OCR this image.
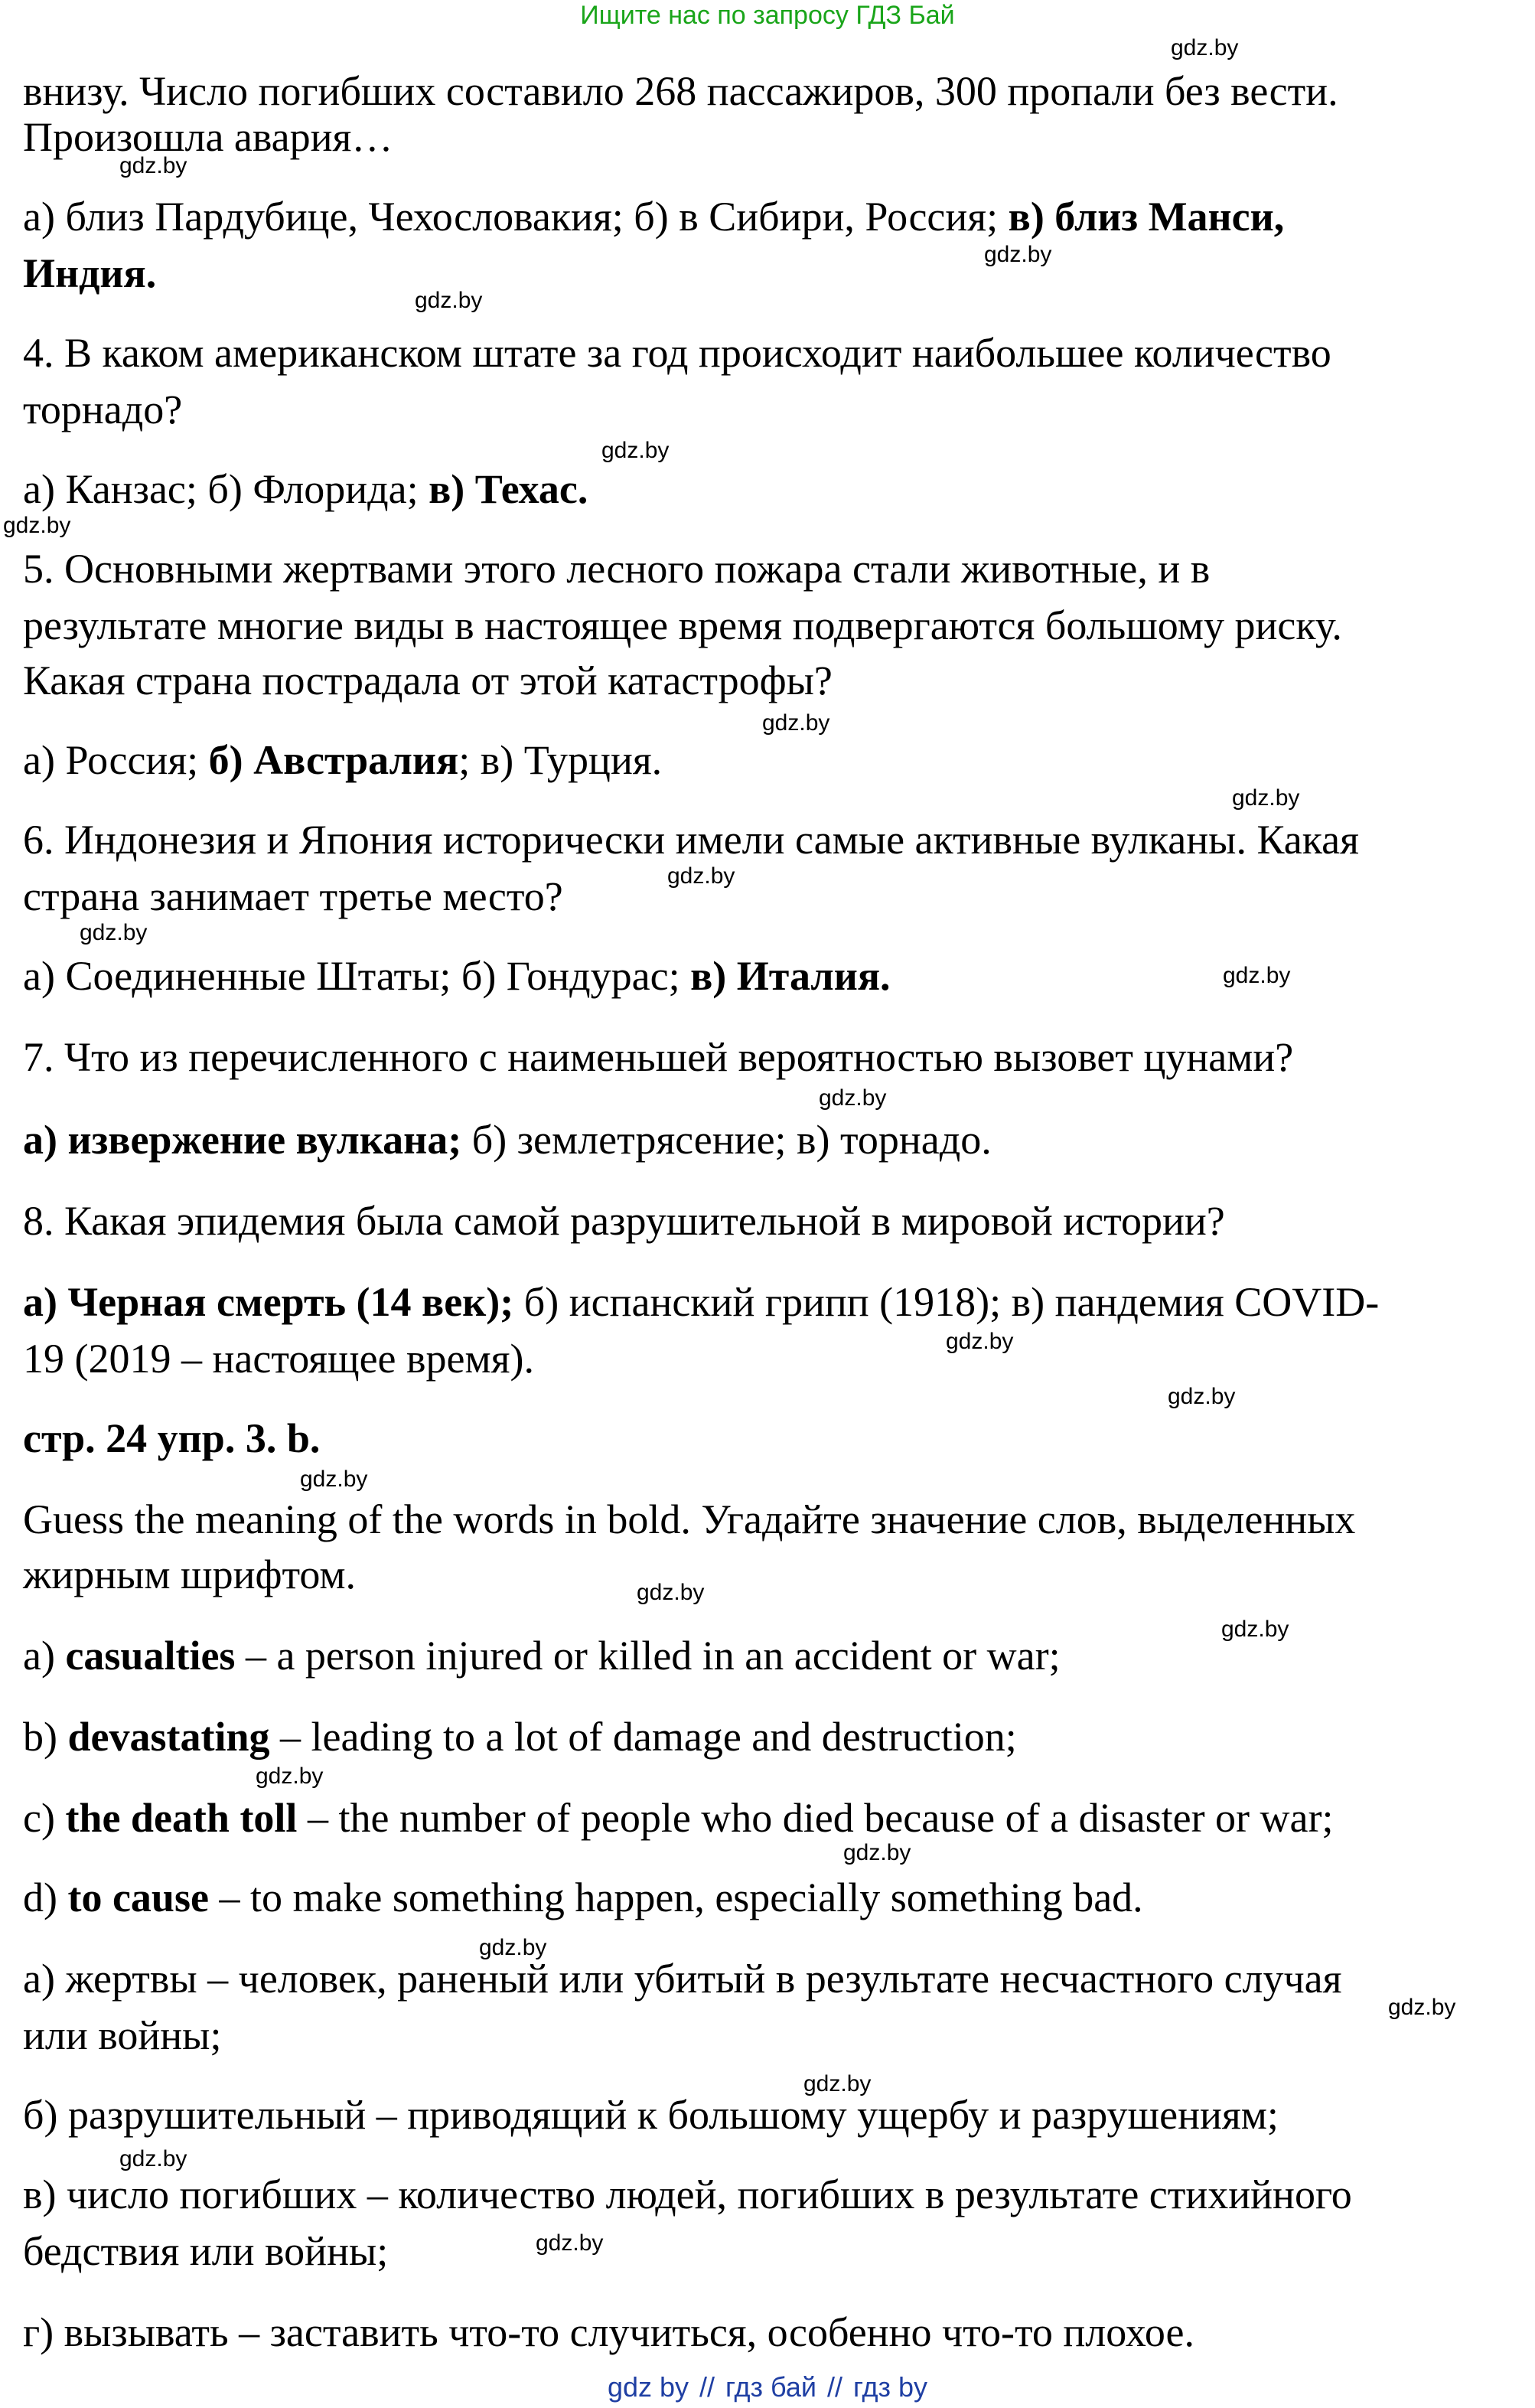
Ищите нас по запросу ГДЗ Бай
внизу. Число погибших составило 268 пассажиров, 300 пропали без вести.
Произошла авария…
а) близ Пардубице, Чехословакия; б) в Сибири, Россия; в) близ Манси,
Индия.
4. В каком американском штате за год происходит наибольшее количество
торнадо?
а) Канзас; б) Флорида; в) Техас.
5. Основными жертвами этого лесного пожара стали животные, и в
результате многие виды в настоящее время подвергаются большому риску.
Какая страна пострадала от этой катастрофы?
а) Россия; б) Австралия; в) Турция.
6. Индонезия и Япония исторически имели самые активные вулканы. Какая
страна занимает третье место?
а) Соединенные Штаты; б) Гондурас; в) Италия.
7. Что из перечисленного с наименьшей вероятностью вызовет цунами?
а) извержение вулкана; б) землетрясение; в) торнадо.
8. Какая эпидемия была самой разрушительной в мировой истории?
а) Черная смерть (14 век); б) испанский грипп (1918); в) пандемия COVID-
19 (2019 – настоящее время).
стр. 24 упр. 3. b.
Guess the meaning of the words in bold. Угадайте значение слов, выделенных
жирным шрифтом.
a) casualties – a person injured or killed in an accident or war;
b) devastating – leading to a lot of damage and destruction;
c) the death toll – the number of people who died because of a disaster or war;
d) to cause – to make something happen, especially something bad.
а) жертвы – человек, раненый или убитый в результате несчастного случая
или войны;
б) разрушительный – приводящий к большому ущербу и разрушениям;
в) число погибших – количество людей, погибших в результате стихийного
бедствия или войны;
г) вызывать – заставить что-то случиться, особенно что-то плохое.
gdz.by
gdz.by
gdz.by
gdz.by
gdz.by
gdz.by
gdz.by
gdz.by
gdz.by
gdz.by
gdz.by
gdz.by
gdz.by
gdz.by
gdz.by
gdz.by
gdz.by
gdz.by
gdz.by
gdz.by
gdz.by
gdz.by
gdz.by
gdz.by
gdz by // гдз бай // гдз by
